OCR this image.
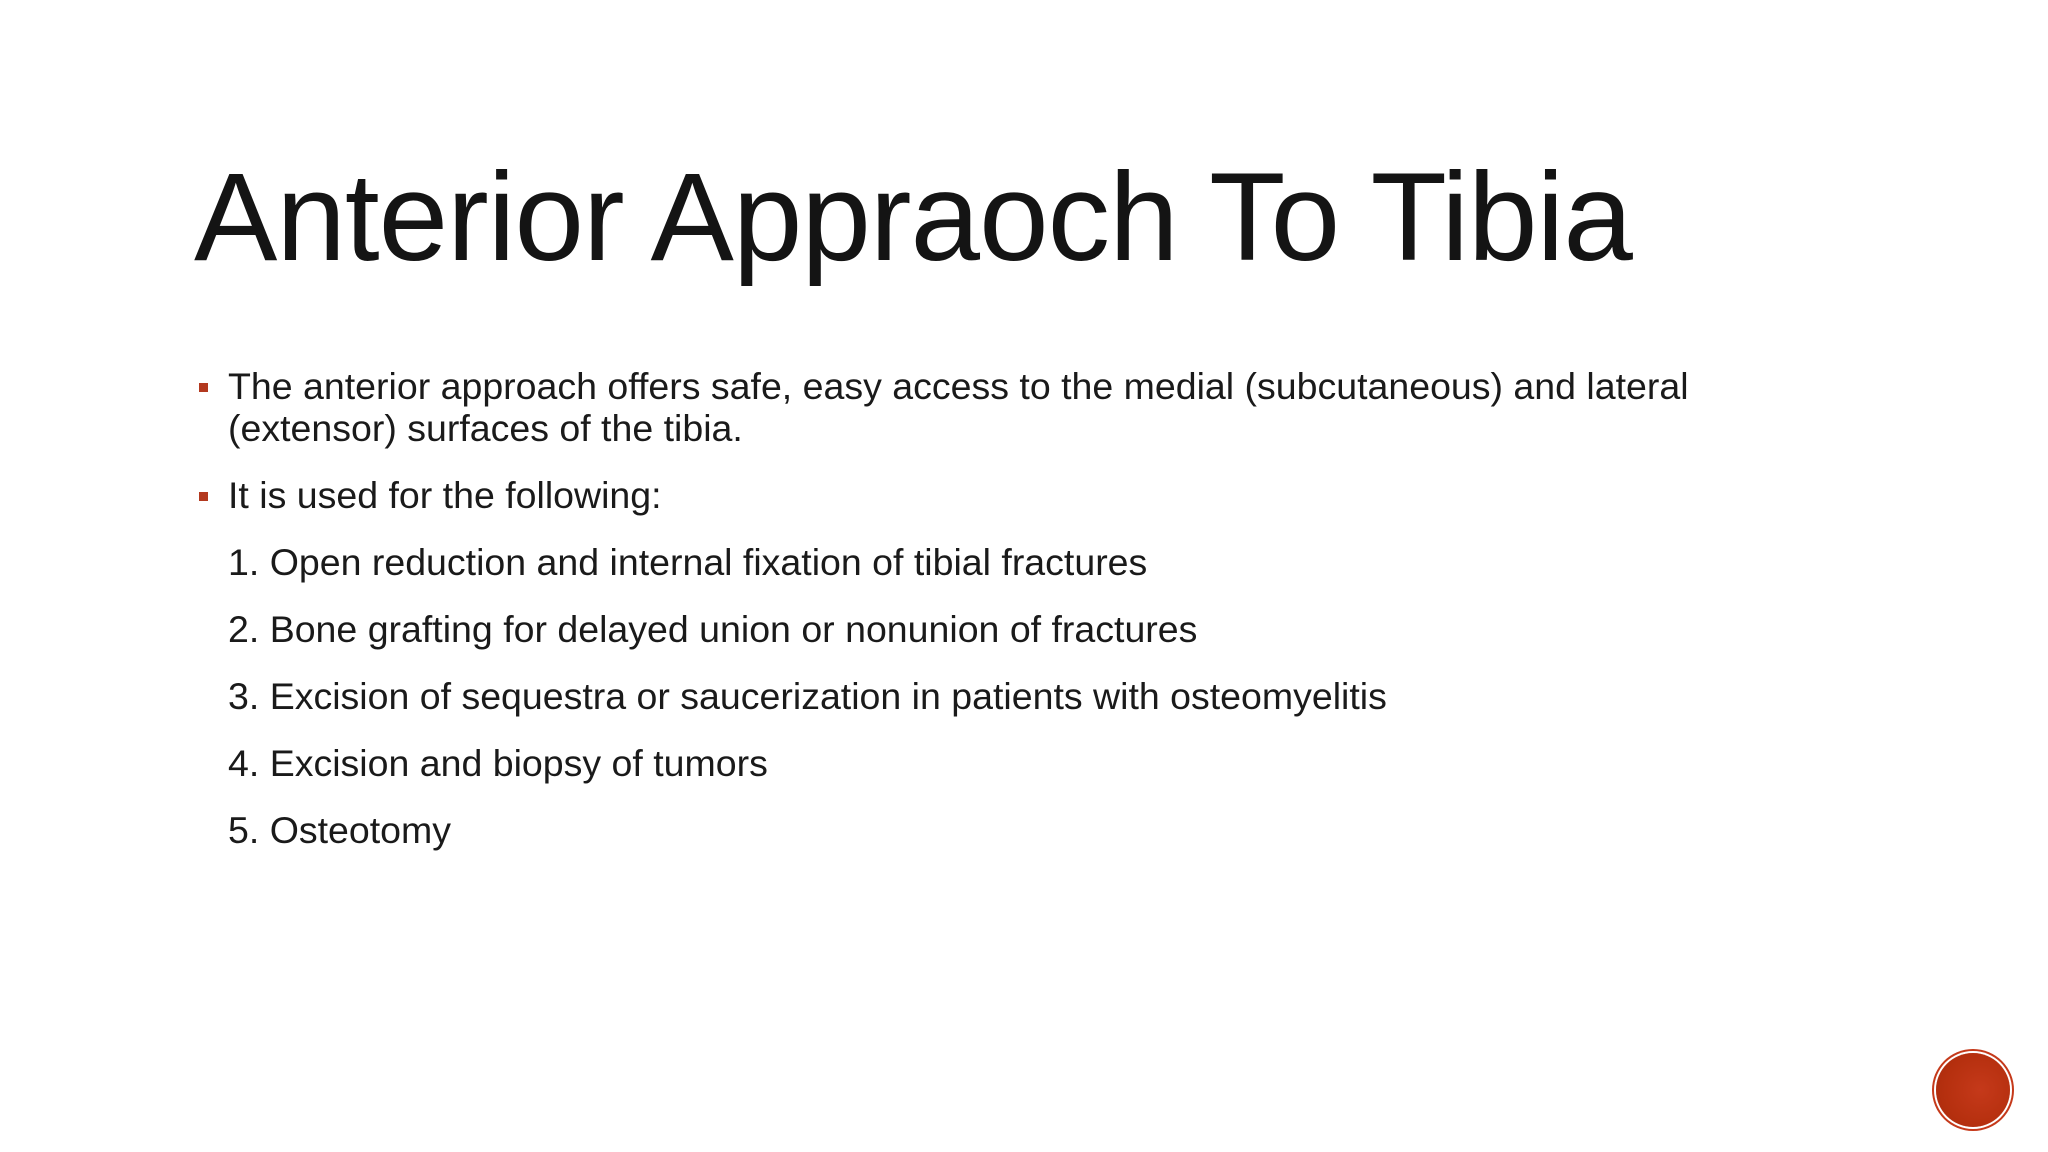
Anterior Appraoch To Tibia
The anterior approach offers safe, easy access to the medial (subcutaneous) and lateral (extensor) surfaces of the tibia.
It is used for the following:
1. Open reduction and internal fixation of tibial fractures
2. Bone grafting for delayed union or nonunion of fractures
3. Excision of sequestra or saucerization in patients with osteomyelitis
4. Excision and biopsy of tumors
5. Osteotomy
